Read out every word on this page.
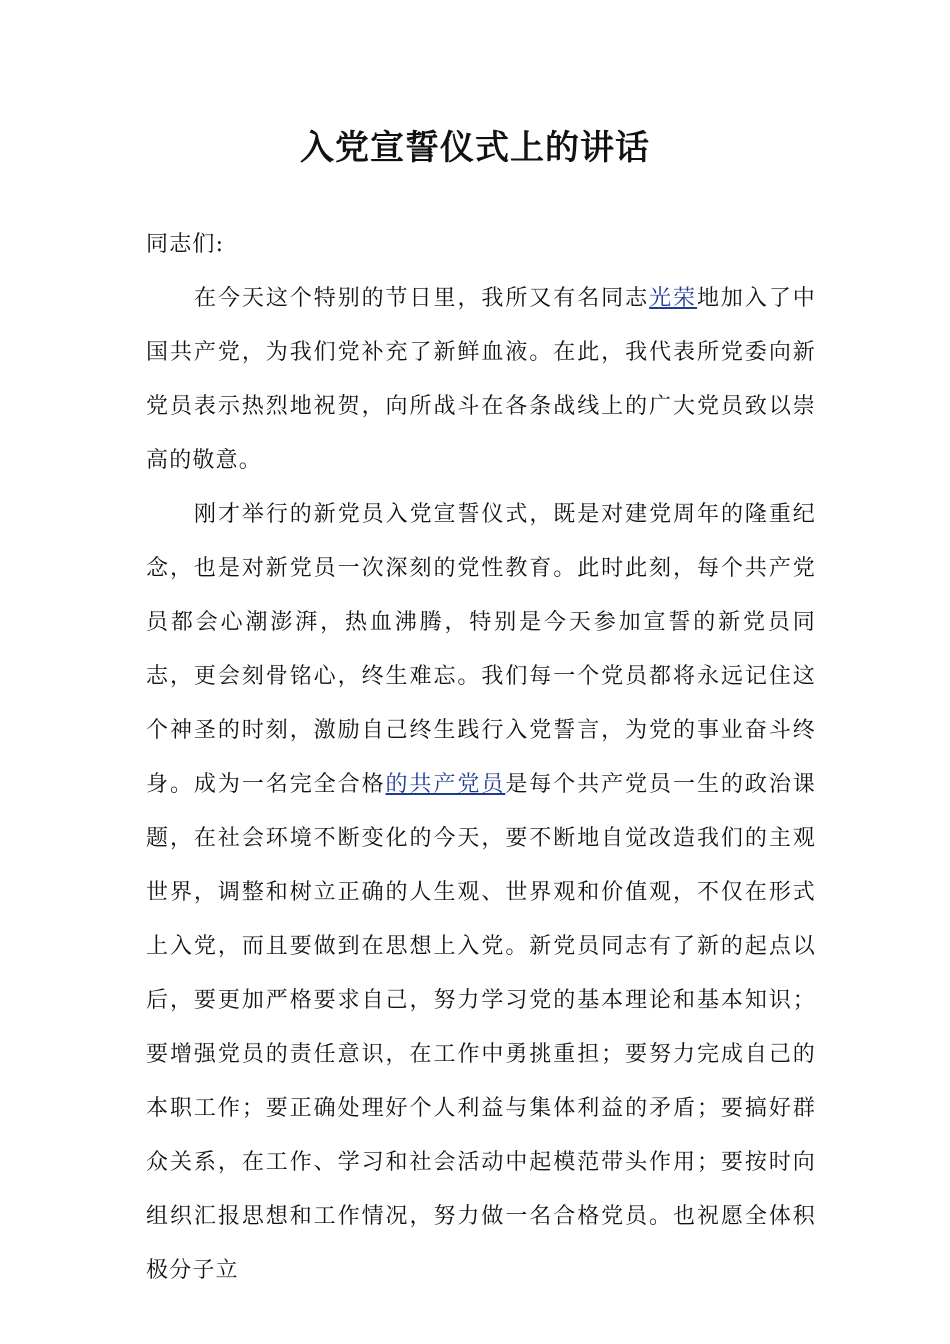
入党宣誓仪式上的讲话

同志们:

在今天这个特别的节日里，我所又有名同志光荣地加入了中国共产党，为我们党补充了新鲜血液。在此，我代表所党委向新党员表示热烈地祝贺，向所战斗在各条战线上的广大党员致以崇高的敬意。

刚才举行的新党员入党宣誓仪式，既是对建党周年的隆重纪念，也是对新党员一次深刻的党性教育。此时此刻，每个共产党员都会心潮澎湃，热血沸腾，特别是今天参加宣誓的新党员同志，更会刻骨铭心，终生难忘。我们每一个党员都将永远记住这个神圣的时刻，激励自己终生践行入党誓言，为党的事业奋斗终身。成为一名完全合格的共产党员是每个共产党员一生的政治课题，在社会环境不断变化的今天，要不断地自觉改造我们的主观世界，调整和树立正确的人生观、世界观和价值观，不仅在形式上入党，而且要做到在思想上入党。新党员同志有了新的起点以后，要更加严格要求自己，努力学习党的基本理论和基本知识；要增强党员的责任意识，在工作中勇挑重担；要努力完成自己的本职工作；要正确处理好个人利益与集体利益的矛盾；要搞好群众关系，在工作、学习和社会活动中起模范带头作用；要按时向组织汇报思想和工作情况，努力做一名合格党员。也祝愿全体积极分子立
